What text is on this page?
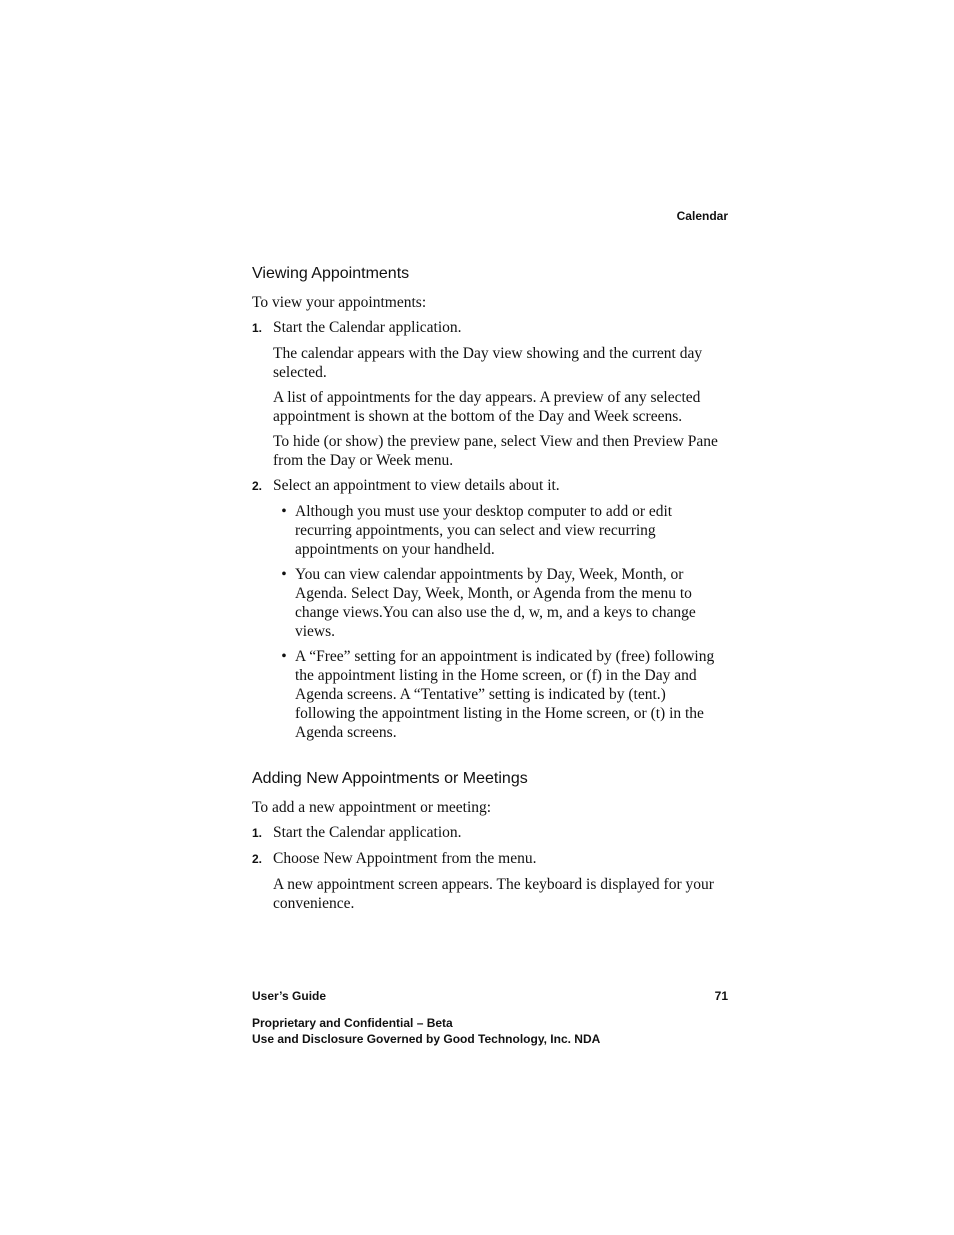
Calendar
Viewing Appointments

To view your appointments:

1. Start the Calendar application.

The calendar appears with the Day view showing and the current day selected.

A list of appointments for the day appears. A preview of any selected appointment is shown at the bottom of the Day and Week screens.

To hide (or show) the preview pane, select View and then Preview Pane from the Day or Week menu.

2. Select an appointment to view details about it.

• Although you must use your desktop computer to add or edit recurring appointments, you can select and view recurring appointments on your handheld.

• You can view calendar appointments by Day, Week, Month, or Agenda. Select Day, Week, Month, or Agenda from the menu to change views.You can also use the d, w, m, and a keys to change views.

• A “Free” setting for an appointment is indicated by (free) following the appointment listing in the Home screen, or (f) in the Day and Agenda screens. A “Tentative” setting is indicated by (tent.) following the appointment listing in the Home screen, or (t) in the Agenda screens.

Adding New Appointments or Meetings

To add a new appointment or meeting:

1. Start the Calendar application.

2. Choose New Appointment from the menu.

A new appointment screen appears. The keyboard is displayed for your convenience.

User’s Guide	71
Proprietary and Confidential – Beta
Use and Disclosure Governed by Good Technology, Inc. NDA
